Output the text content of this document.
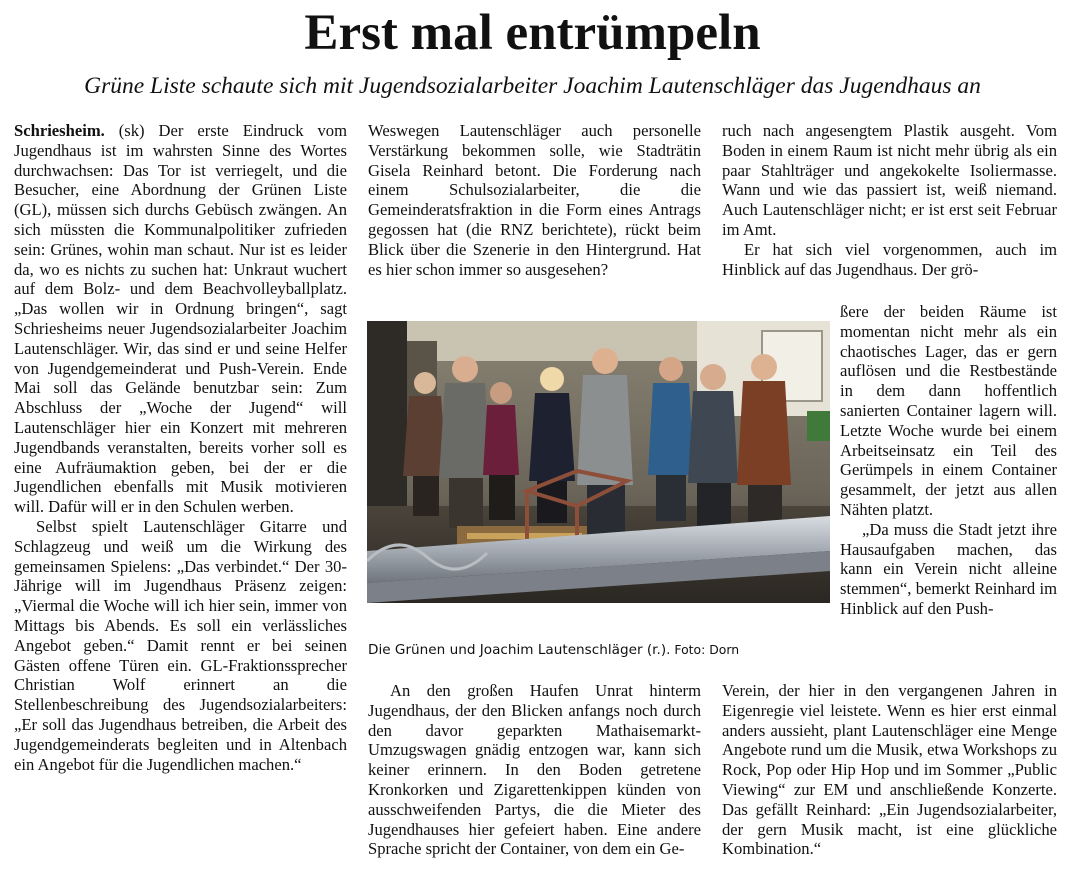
Erst mal entrümpeln
Grüne Liste schaute sich mit Jugendsozialarbeiter Joachim Lautenschläger das Jugendhaus an

Schriesheim. (sk) Der erste Eindruck vom Jugendhaus ist im wahrsten Sinne des Wortes durchwachsen: Das Tor ist verriegelt, und die Besucher, eine Abordnung der Grünen Liste (GL), müssen sich durchs Gebüsch zwängen. An sich müssten die Kommunalpolitiker zufrieden sein: Grünes, wohin man schaut. Nur ist es leider da, wo es nichts zu suchen hat: Unkraut wuchert auf dem Bolz- und dem Beachvolleyballplatz. „Das wollen wir in Ordnung bringen“, sagt Schriesheims neuer Jugendsozialarbeiter Joachim Lautenschläger. Wir, das sind er und seine Helfer von Jugendgemeinderat und Push-Verein. Ende Mai soll das Gelände benutzbar sein: Zum Abschluss der „Woche der Jugend“ will Lautenschläger hier ein Konzert mit mehreren Jugendbands veranstalten, bereits vorher soll es eine Aufräumaktion geben, bei der er die Jugendlichen ebenfalls mit Musik motivieren will. Dafür will er in den Schulen werben.

Selbst spielt Lautenschläger Gitarre und Schlagzeug und weiß um die Wirkung des gemeinsamen Spielens: „Das verbindet.“ Der 30-Jährige will im Jugendhaus Präsenz zeigen: „Viermal die Woche will ich hier sein, immer von Mittags bis Abends. Es soll ein verlässliches Angebot geben.“ Damit rennt er bei seinen Gästen offene Türen ein. GL-Fraktionssprecher Christian Wolf erinnert an die Stellenbeschreibung des Jugendsozialarbeiters: „Er soll das Jugendhaus betreiben, die Arbeit des Jugendgemeinderats begleiten und in Altenbach ein Angebot für die Jugendlichen machen.“

Weswegen Lautenschläger auch personelle Verstärkung bekommen solle, wie Stadträtin Gisela Reinhard betont. Die Forderung nach einem Schulsozialarbeiter, die die Gemeinderatsfraktion in die Form eines Antrags gegossen hat (die RNZ berichtete), rückt beim Blick über die Szenerie in den Hintergrund. Hat es hier schon immer so ausgesehen?

Die Grünen und Joachim Lautenschläger (r.). Foto: Dorn

An den großen Haufen Unrat hinterm Jugendhaus, der den Blicken anfangs noch durch den davor geparkten Mathaisemarkt-Umzugswagen gnädig entzogen war, kann sich keiner erinnern. In den Boden getretene Kronkorken und Zigarettenkippen künden von ausschweifenden Partys, die die Mieter des Jugendhauses hier gefeiert haben. Eine andere Sprache spricht der Container, von dem ein Ge-

ruch nach angesengtem Plastik ausgeht. Vom Boden in einem Raum ist nicht mehr übrig als ein paar Stahlträger und angekokelte Isoliermasse. Wann und wie das passiert ist, weiß niemand. Auch Lautenschläger nicht; er ist erst seit Februar im Amt.

Er hat sich viel vorgenommen, auch im Hinblick auf das Jugendhaus. Der grö-

ßere der beiden Räume ist momentan nicht mehr als ein chaotisches Lager, das er gern auflösen und die Restbestände in dem dann hoffentlich sanierten Container lagern will. Letzte Woche wurde bei einem Arbeitseinsatz ein Teil des Gerümpels in einem Container gesammelt, der jetzt aus allen Nähten platzt.

„Da muss die Stadt jetzt ihre Hausaufgaben machen, das kann ein Verein nicht alleine stemmen“, bemerkt Reinhard im Hinblick auf den Push-

Verein, der hier in den vergangenen Jahren in Eigenregie viel leistete. Wenn es hier erst einmal anders aussieht, plant Lautenschläger eine Menge Angebote rund um die Musik, etwa Workshops zu Rock, Pop oder Hip Hop und im Sommer „Public Viewing“ zur EM und anschließende Konzerte. Das gefällt Reinhard: „Ein Jugendsozialarbeiter, der gern Musik macht, ist eine glückliche Kombination.“
